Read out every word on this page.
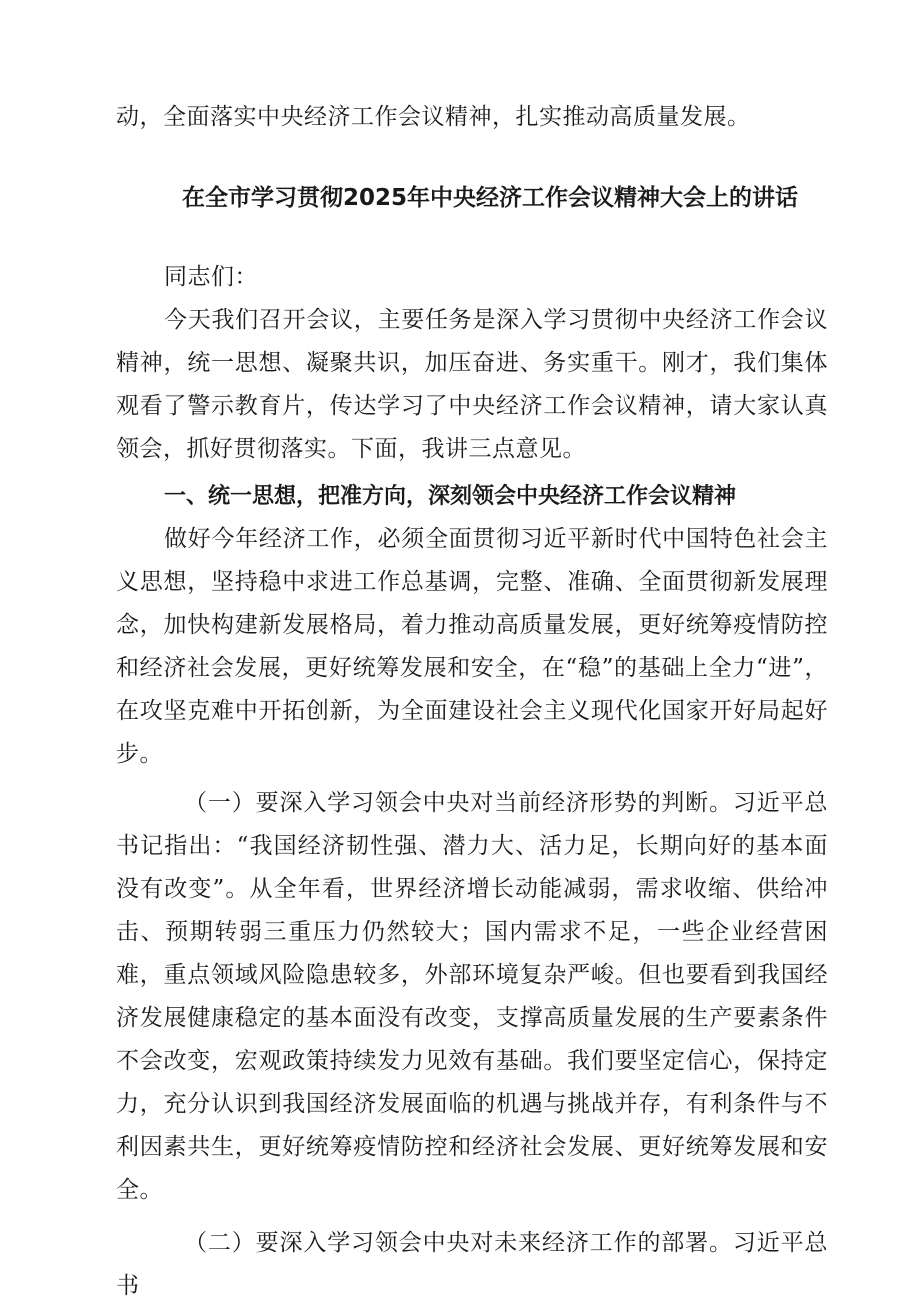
动，全面落实中央经济工作会议精神，扎实推动高质量发展。

在全市学习贯彻2025年中央经济工作会议精神大会上的讲话

同志们：

今天我们召开会议，主要任务是深入学习贯彻中央经济工作会议精神，统一思想、凝聚共识，加压奋进、务实重干。刚才，我们集体观看了警示教育片，传达学习了中央经济工作会议精神，请大家认真领会，抓好贯彻落实。下面，我讲三点意见。

一、统一思想，把准方向，深刻领会中央经济工作会议精神

做好今年经济工作，必须全面贯彻习近平新时代中国特色社会主义思想，坚持稳中求进工作总基调，完整、准确、全面贯彻新发展理念，加快构建新发展格局，着力推动高质量发展，更好统筹疫情防控和经济社会发展，更好统筹发展和安全，在“稳”的基础上全力“进”，在攻坚克难中开拓创新，为全面建设社会主义现代化国家开好局起好步。

（一）要深入学习领会中央对当前经济形势的判断。习近平总书记指出：“我国经济韧性强、潜力大、活力足，长期向好的基本面没有改变”。从全年看，世界经济增长动能减弱，需求收缩、供给冲击、预期转弱三重压力仍然较大；国内需求不足，一些企业经营困难，重点领域风险隐患较多，外部环境复杂严峻。但也要看到我国经济发展健康稳定的基本面没有改变，支撑高质量发展的生产要素条件不会改变，宏观政策持续发力见效有基础。我们要坚定信心，保持定力，充分认识到我国经济发展面临的机遇与挑战并存，有利条件与不利因素共生，更好统筹疫情防控和经济社会发展、更好统筹发展和安全。

（二）要深入学习领会中央对未来经济工作的部署。习近平总书
